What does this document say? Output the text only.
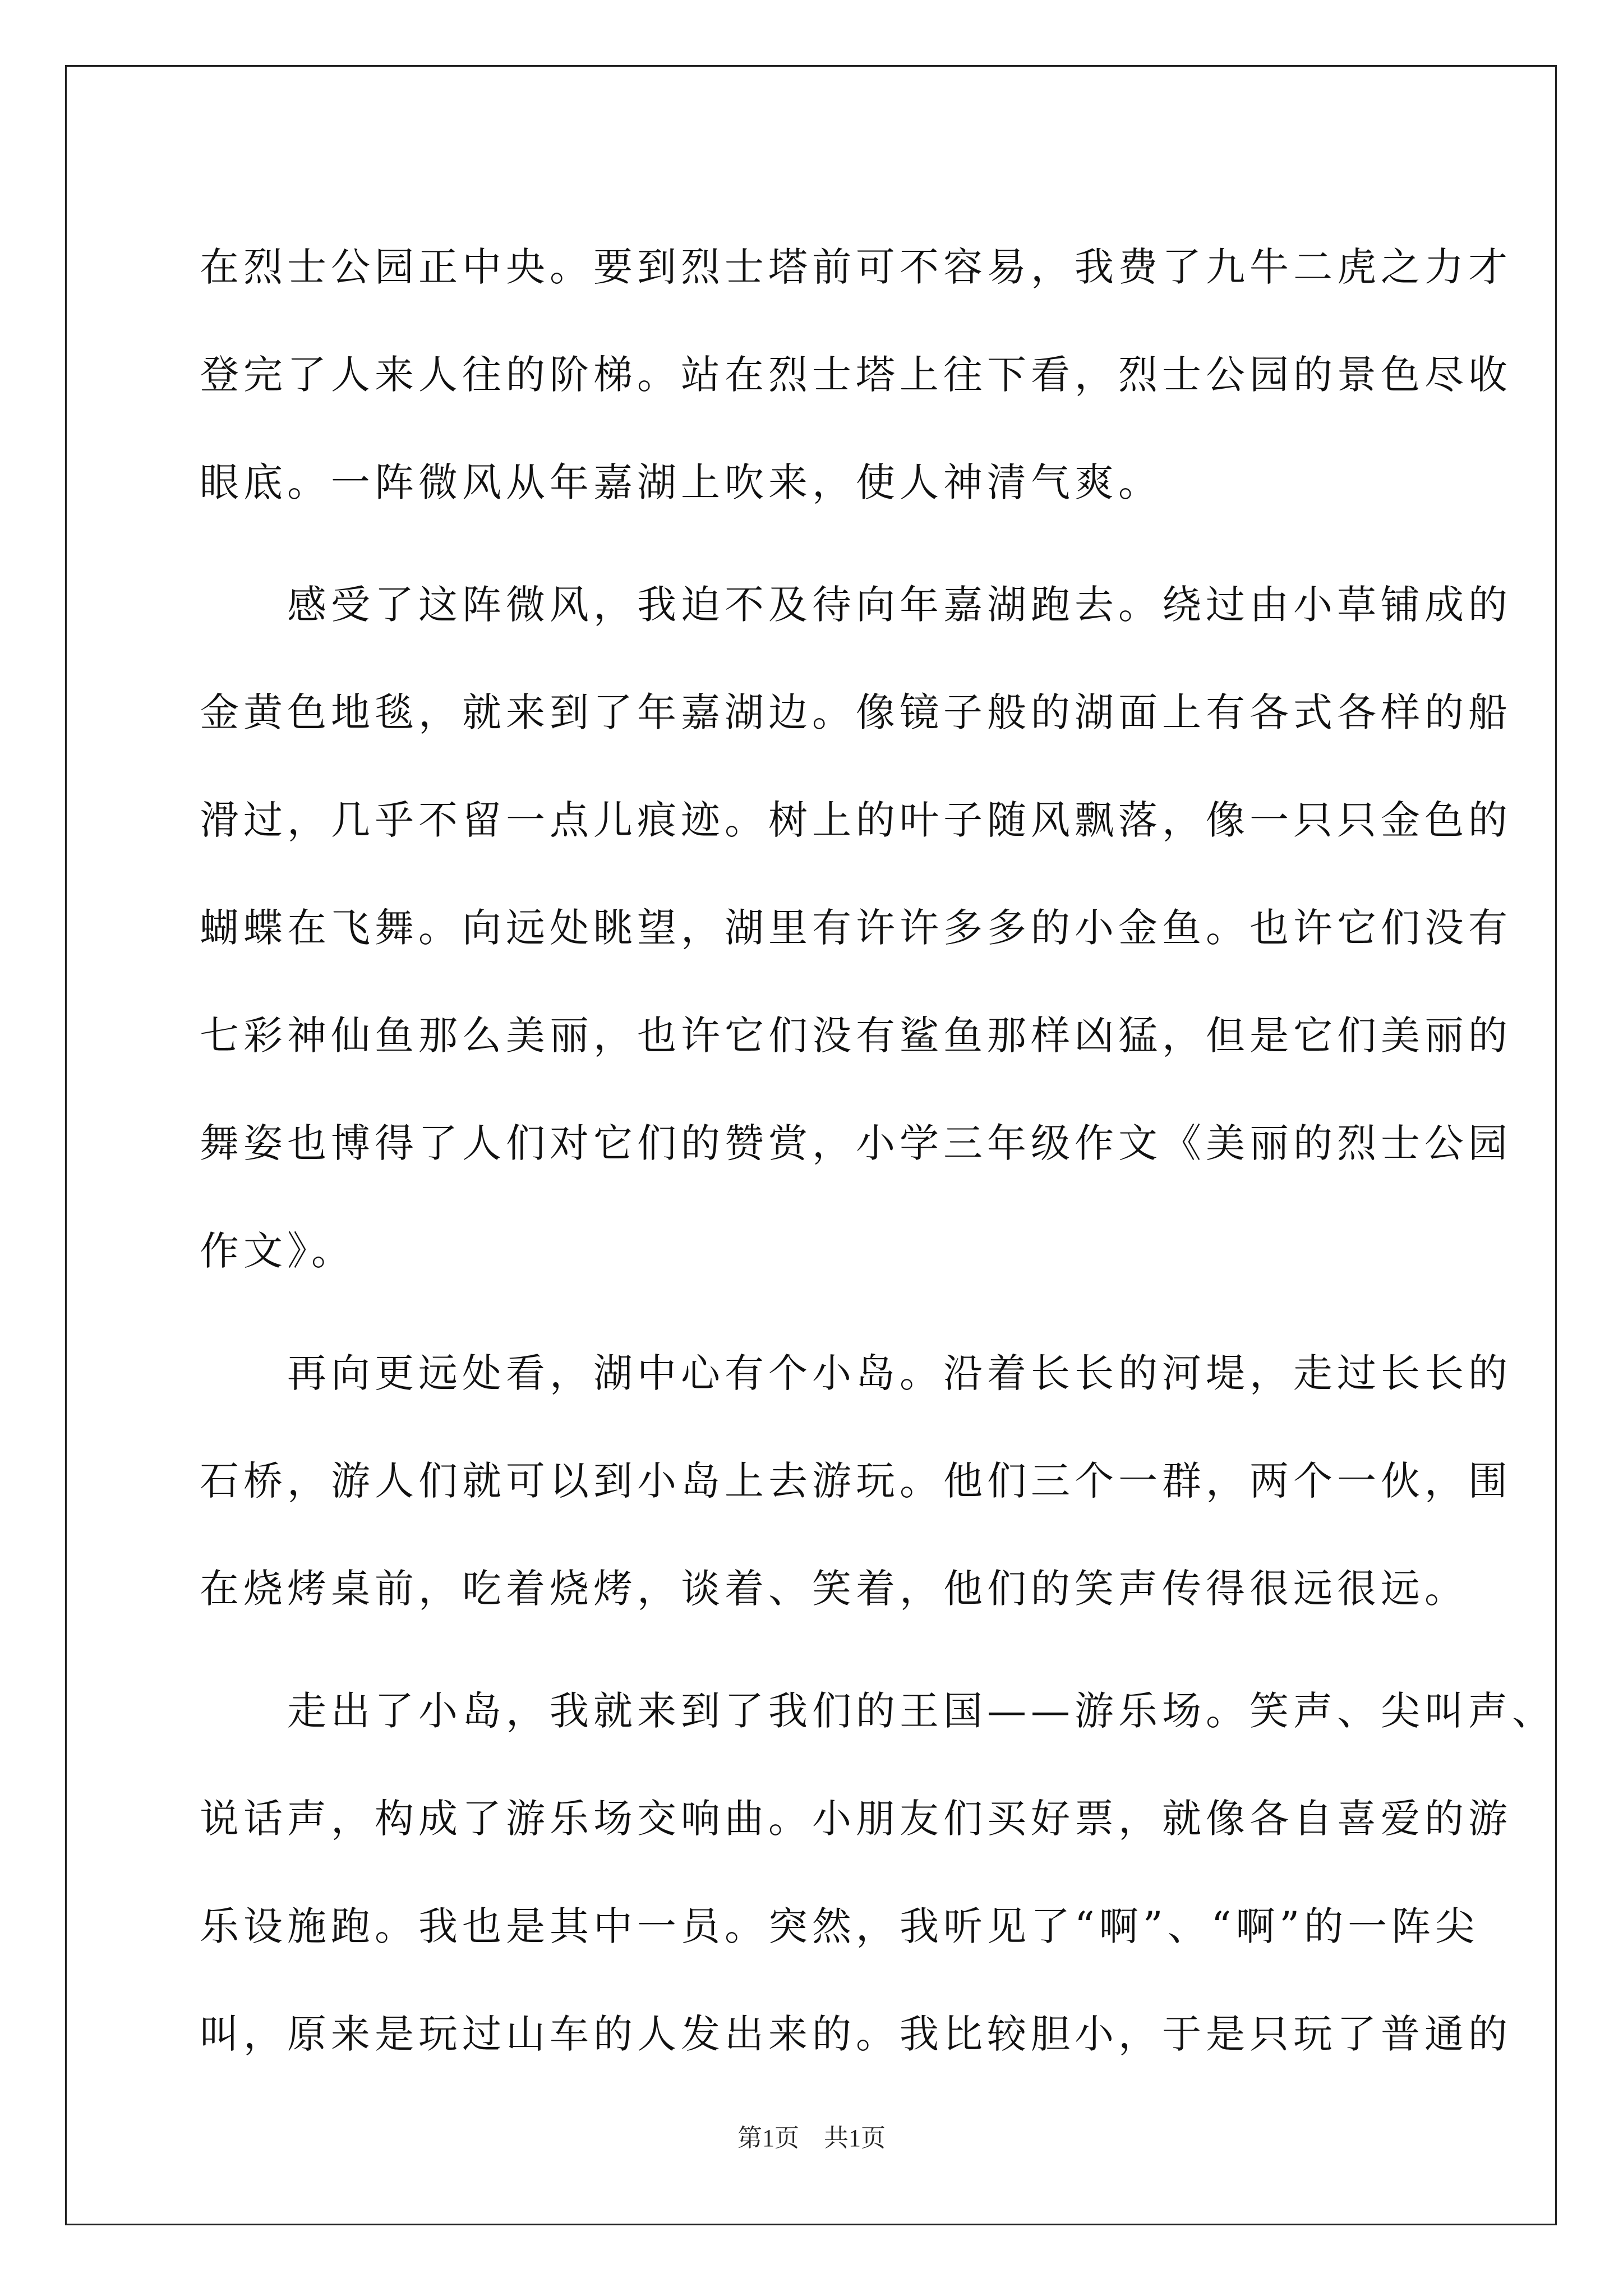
在烈士公园正中央。要到烈士塔前可不容易，我费了九牛二虎之力才
登完了人来人往的阶梯。站在烈士塔上往下看，烈士公园的景色尽收
眼底。一阵微风从年嘉湖上吹来，使人神清气爽。
　　感受了这阵微风，我迫不及待向年嘉湖跑去。绕过由小草铺成的
金黄色地毯，就来到了年嘉湖边。像镜子般的湖面上有各式各样的船
滑过，几乎不留一点儿痕迹。树上的叶子随风飘落，像一只只金色的
蝴蝶在飞舞。向远处眺望，湖里有许许多多的小金鱼。也许它们没有
七彩神仙鱼那么美丽，也许它们没有鲨鱼那样凶猛，但是它们美丽的
舞姿也博得了人们对它们的赞赏，小学三年级作文《美丽的烈士公园
作文》。
　　再向更远处看，湖中心有个小岛。沿着长长的河堤，走过长长的
石桥，游人们就可以到小岛上去游玩。他们三个一群，两个一伙，围
在烧烤桌前，吃着烧烤，谈着、笑着，他们的笑声传得很远很远。
　　走出了小岛，我就来到了我们的王国——游乐场。笑声、尖叫声、
说话声，构成了游乐场交响曲。小朋友们买好票，就像各自喜爱的游
乐设施跑。我也是其中一员。突然，我听见了“啊”、“啊”的一阵尖
叫，原来是玩过山车的人发出来的。我比较胆小，于是只玩了普通的
第1页　共1页
